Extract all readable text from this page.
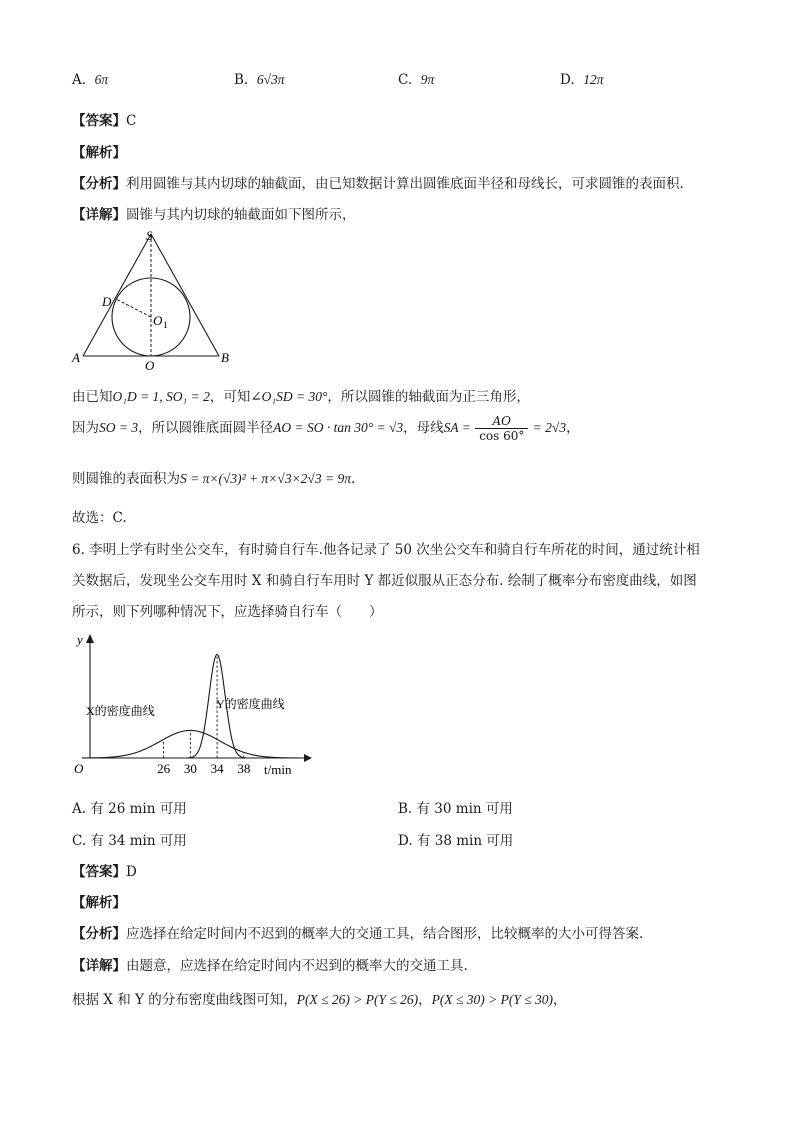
A. 6π	B. 6√3π	C. 9π	D. 12π
【答案】C
【解析】
【分析】利用圆锥与其内切球的轴截面，由已知数据计算出圆锥底面半径和母线长，可求圆锥的表面积.
【详解】圆锥与其内切球的轴截面如下图所示，
S
D
O 1
A
O
B
由已知O₁D = 1, SO₁ = 2，可知∠O₁SD = 30°，所以圆锥的轴截面为正三角形，
因为SO = 3，所以圆锥底面圆半径AO = SO · tan 30° = √3，母线SA = $\frac{AO}{\cos 60^\circ} = 2√3$，
则圆锥的表面积为S = π×(√3)² + π×√3×2√3 = 9π.
故选：C.
6. 李明上学有时坐公交车，有时骑自行车.他各记录了 50 次坐公交车和骑自行车所花的时间，通过统计相
关数据后，发现坐公交车用时 X 和骑自行车用时 Y 都近似服从正态分布. 绘制了概率分布密度曲线，如图
所示，则下列哪种情况下，应选择骑自行车（　　）
y
O	t/min
X的密度曲线	Y的密度曲线
26 30 34 38
A. 有 26 min 可用	B. 有 30 min 可用
C. 有 34 min 可用	D. 有 38 min 可用
【答案】D
【解析】
【分析】应选择在给定时间内不迟到的概率大的交通工具，结合图形，比较概率的大小可得答案.
【详解】由题意，应选择在给定时间内不迟到的概率大的交通工具.
根据 X 和 Y 的分布密度曲线图可知，P(X ≤ 26) > P(Y ≤ 26)，P(X ≤ 30) > P(Y ≤ 30)，
